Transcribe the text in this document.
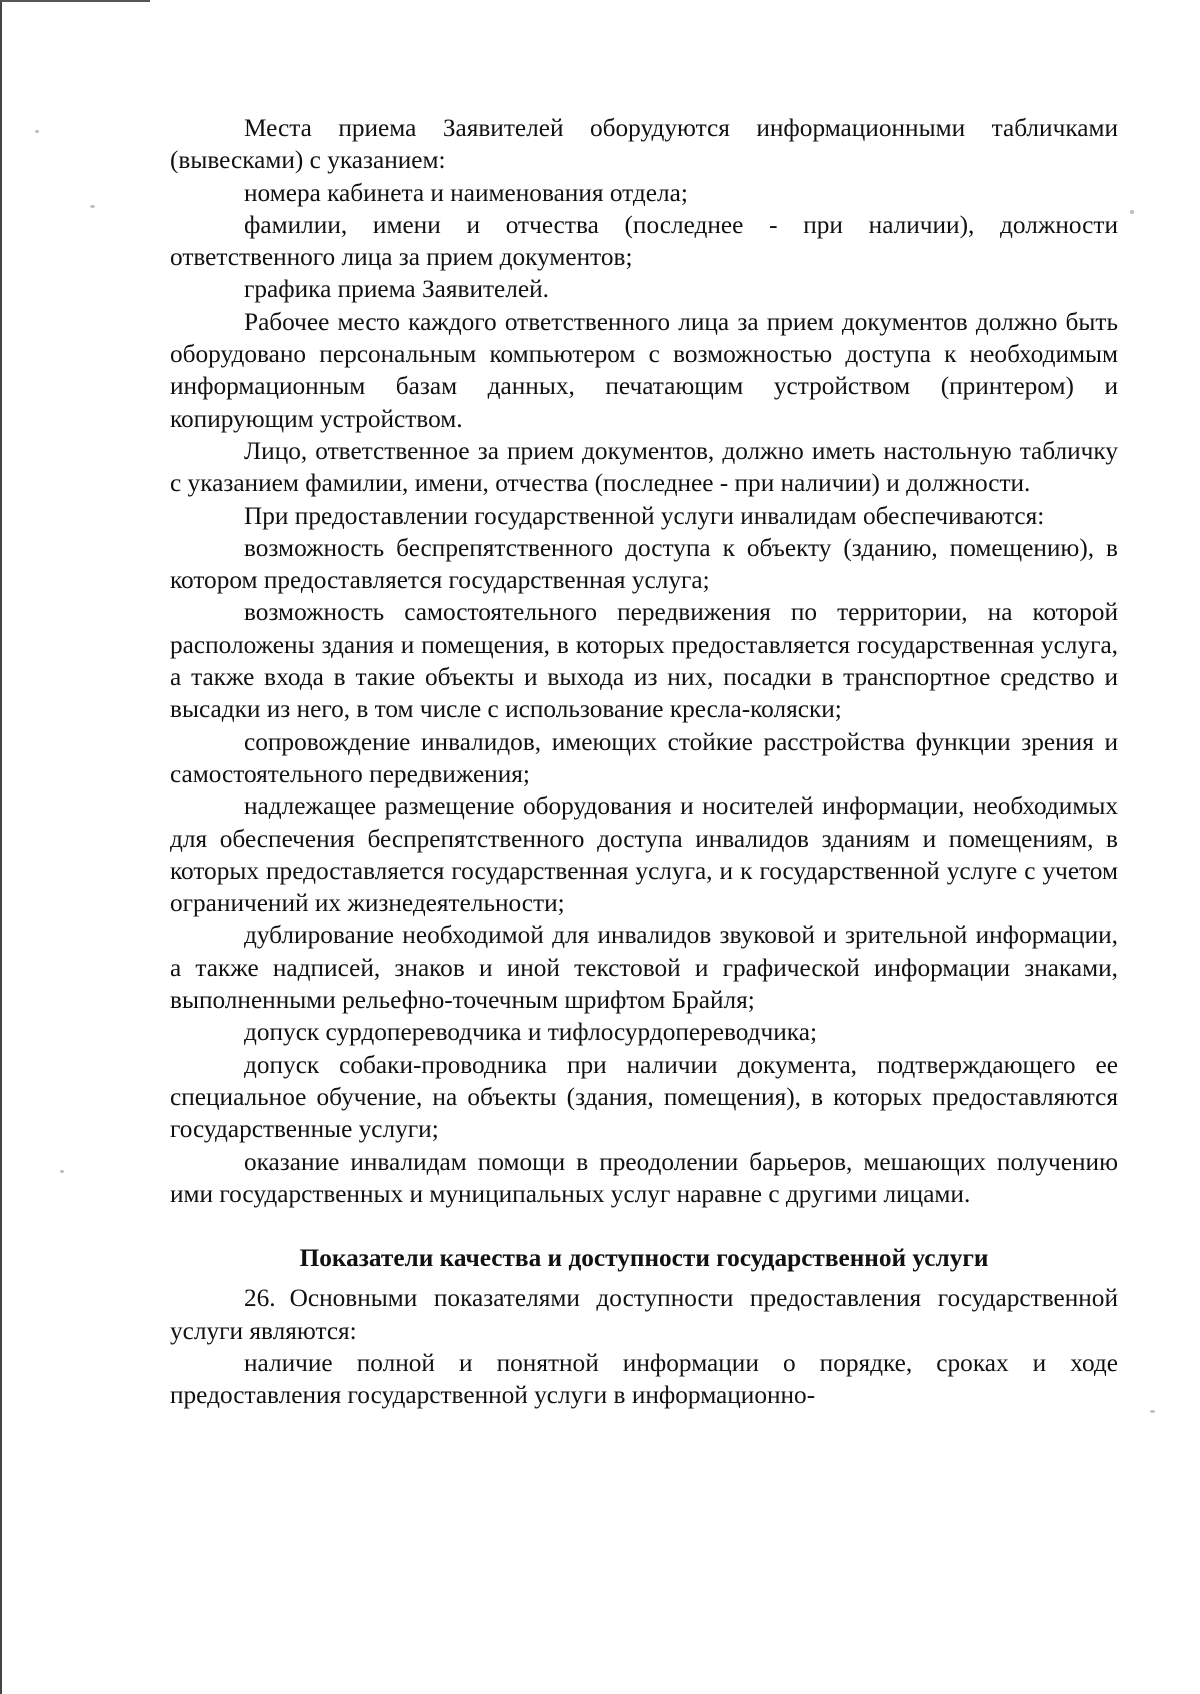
Места приема Заявителей оборудуются информационными табличками (вывесками) с указанием:

номера кабинета и наименования отдела;

фамилии, имени и отчества (последнее - при наличии), должности ответственного лица за прием документов;

графика приема Заявителей.

Рабочее место каждого ответственного лица за прием документов должно быть оборудовано персональным компьютером с возможностью доступа к необходимым информационным базам данных, печатающим устройством (принтером) и копирующим устройством.

Лицо, ответственное за прием документов, должно иметь настольную табличку с указанием фамилии, имени, отчества (последнее - при наличии) и должности.

При предоставлении государственной услуги инвалидам обеспечиваются:

возможность беспрепятственного доступа к объекту (зданию, помещению), в котором предоставляется государственная услуга;

возможность самостоятельного передвижения по территории, на которой расположены здания и помещения, в которых предоставляется государственная услуга, а также входа в такие объекты и выхода из них, посадки в транспортное средство и высадки из него, в том числе с использование кресла-коляски;

сопровождение инвалидов, имеющих стойкие расстройства функции зрения и самостоятельного передвижения;

надлежащее размещение оборудования и носителей информации, необходимых для обеспечения беспрепятственного доступа инвалидов зданиям и помещениям, в которых предоставляется государственная услуга, и к государственной услуге с учетом ограничений их жизнедеятельности;

дублирование необходимой для инвалидов звуковой и зрительной информации, а также надписей, знаков и иной текстовой и графической информации знаками, выполненными рельефно-точечным шрифтом Брайля;

допуск сурдопереводчика и тифлосурдопереводчика;

допуск собаки-проводника при наличии документа, подтверждающего ее специальное обучение, на объекты (здания, помещения), в которых предоставляются государственные услуги;

оказание инвалидам помощи в преодолении барьеров, мешающих получению ими государственных и муниципальных услуг наравне с другими лицами.

Показатели качества и доступности государственной услуги

26. Основными показателями доступности предоставления государственной услуги являются:

наличие полной и понятной информации о порядке, сроках и ходе предоставления государственной услуги в информационно-
